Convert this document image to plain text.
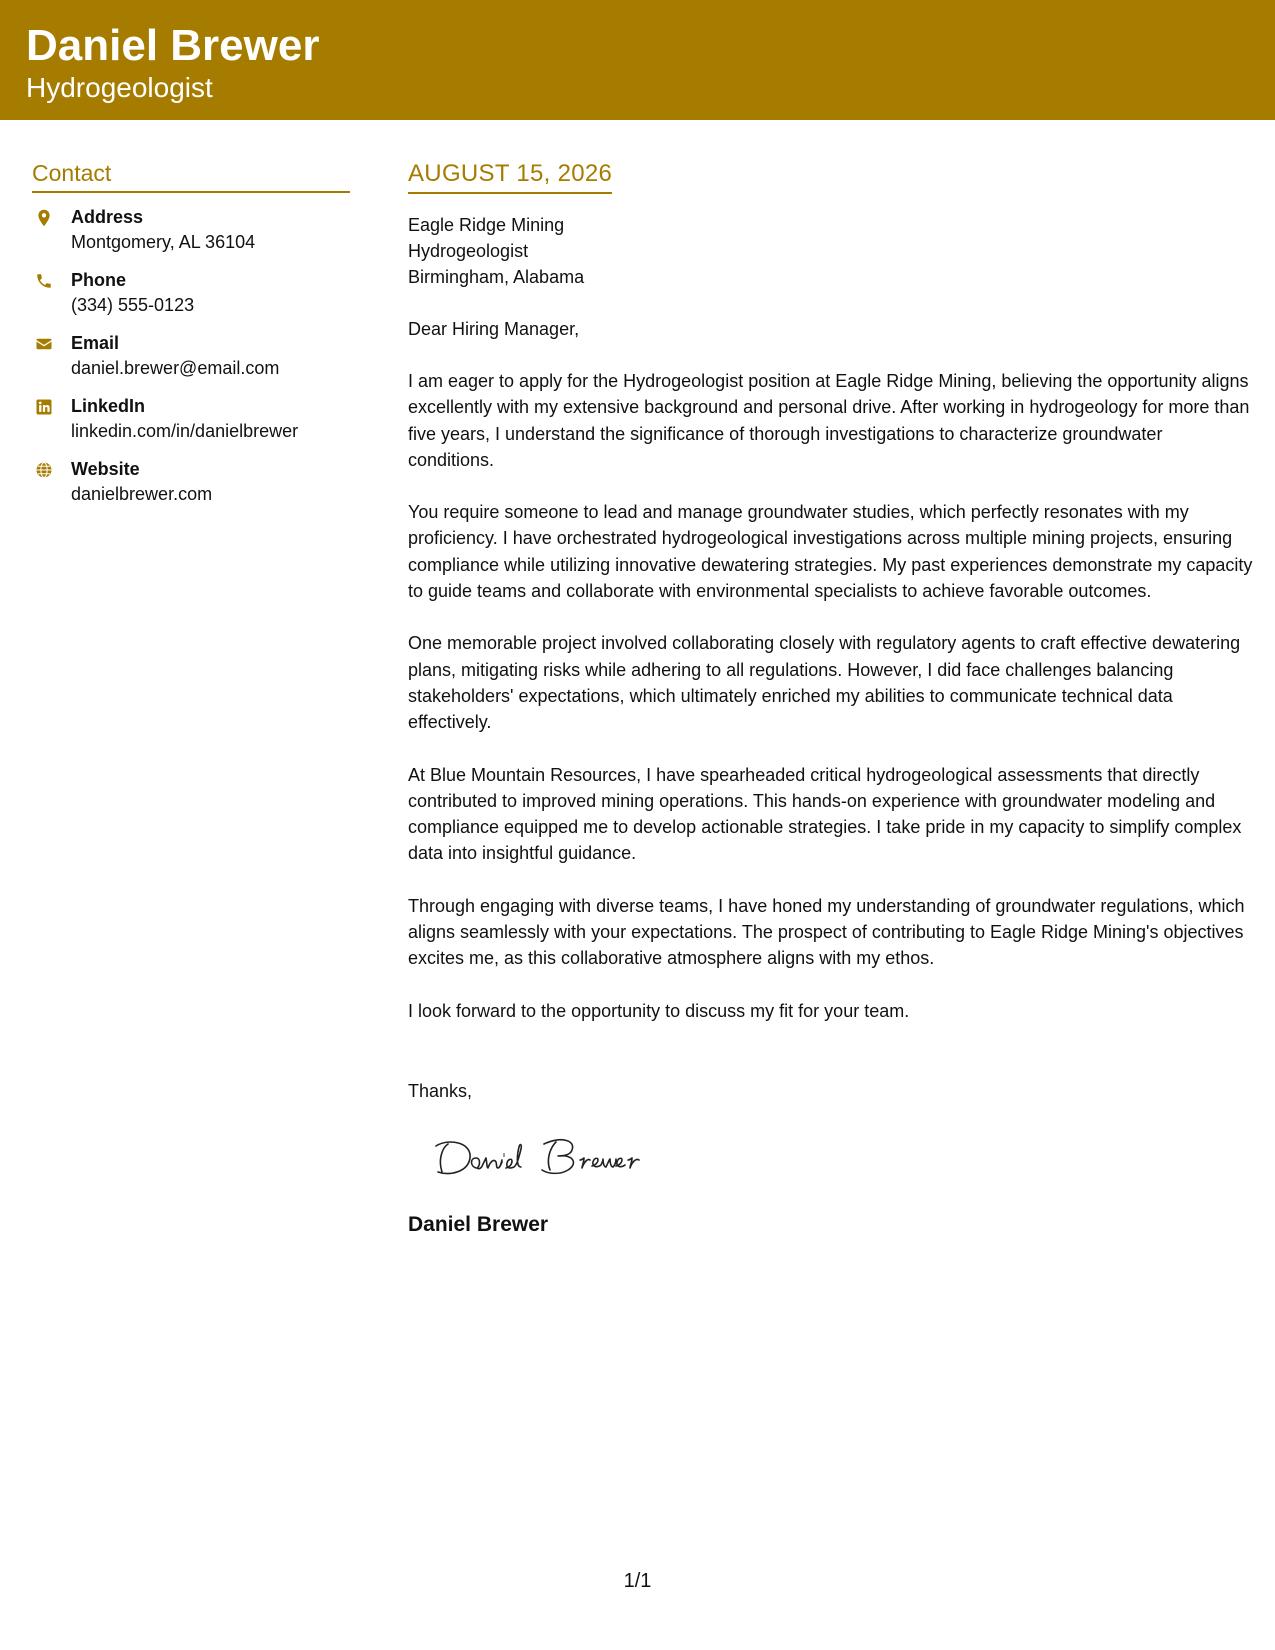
Daniel Brewer
Hydrogeologist
Contact
Address
Montgomery, AL 36104
Phone
(334) 555-0123
Email
daniel.brewer@email.com
LinkedIn
linkedin.com/in/danielbrewer
Website
danielbrewer.com
AUGUST 15, 2026
Eagle Ridge Mining
Hydrogeologist
Birmingham, Alabama
Dear Hiring Manager,
I am eager to apply for the Hydrogeologist position at Eagle Ridge Mining, believing the opportunity aligns excellently with my extensive background and personal drive. After working in hydrogeology for more than five years, I understand the significance of thorough investigations to characterize groundwater conditions.
You require someone to lead and manage groundwater studies, which perfectly resonates with my proficiency. I have orchestrated hydrogeological investigations across multiple mining projects, ensuring compliance while utilizing innovative dewatering strategies. My past experiences demonstrate my capacity to guide teams and collaborate with environmental specialists to achieve favorable outcomes.
One memorable project involved collaborating closely with regulatory agents to craft effective dewatering plans, mitigating risks while adhering to all regulations. However, I did face challenges balancing stakeholders' expectations, which ultimately enriched my abilities to communicate technical data effectively.
At Blue Mountain Resources, I have spearheaded critical hydrogeological assessments that directly contributed to improved mining operations. This hands-on experience with groundwater modeling and compliance equipped me to develop actionable strategies. I take pride in my capacity to simplify complex data into insightful guidance.
Through engaging with diverse teams, I have honed my understanding of groundwater regulations, which aligns seamlessly with your expectations. The prospect of contributing to Eagle Ridge Mining's objectives excites me, as this collaborative atmosphere aligns with my ethos.
I look forward to the opportunity to discuss my fit for your team.
Thanks,
Daniel Brewer
1/1
